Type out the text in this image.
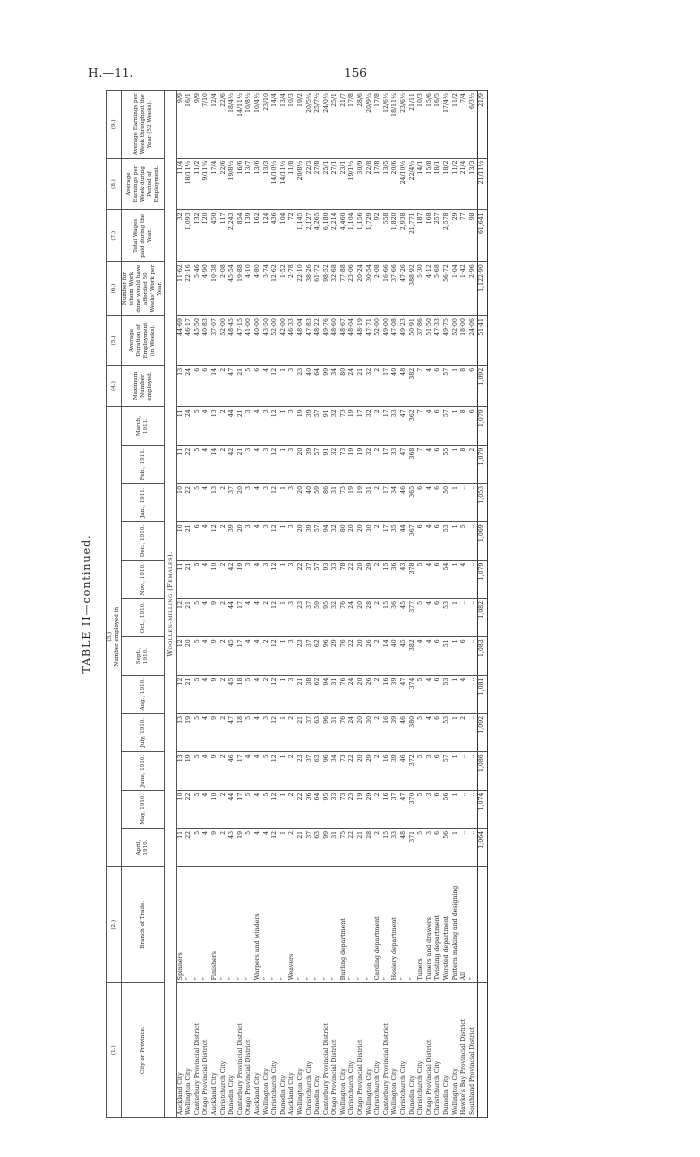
H.—11.	156
TABLE II—continued.
(1.)	(2.)	(3.)
Number employed in												(4.)	(5.)	(6.)	(7.)	(8.)	(9.)
City or Province.	Branch of Trade.	April, 1910.	May, 1910.	June, 1910.	July, 1910.	Aug., 1910.	Sept., 1910.	Oct., 1910.	Nov., 1910.	Dec., 1910.	Jan., 1911.	Feb., 1911.	March, 1911.	Maximum Number employed.	Average Duration of Employment (in Weeks).	Number for whom Work done would have afforded 50 Weeks' Work per Year.	Total Wages paid during the Year.	Average Earnings per Week during Period of Employment.	Average Earnings per Week throughout the Year (52 Weeks).
Woollen-milling (Females).																			
Auckland City	Spinners	11	10	13	13	12	12	12	11	10	10	11	11	13	44·69	11·62	32	11/4	9/9
Wellington City	”	22	22	19	19	21	20	21	21	21	22	22	24	24	46·17	22·16	1,093	18/11½	16/1
Canterbury Provincial District	”	5	5	5	5	5	5	5	5	6	5	5	5	6	45·50	5·46	132	11/2	9/9
Otago Provincial District	”	4	4	4	4	4	4	4	4	4	4	4	4	6	40·83	4·90	120	9/11¾	7/10
Auckland City	Finishers	9	10	9	9	9	9	9	10	12	13	14	13	14	37·07	10·38	450	17/4	12/4
Christchurch City	”	2	2	2	2	2	2	2	2	2	2	2	2	2	52·00	2·08	117	22/6	22/6
Dunedin City	”	43	44	46	47	45	45	44	42	39	37	42	44	47	48·45	45·54	2,243	19/8½	18/4½
Canterbury Provincial District	”	19	17	17	18	18	17	17	19	20	20	21	21	21	47·15	19·88	854	16/6	14/11½
Otago Provincial District	”	5	5	4	5	5	4	4	3	3	3	3	3	5	41·00	4·10	139	13/7	10/8½
Auckland City	Warpers and winders	4	4	4	4	4	4	4	4	4	4	4	4	6	40·00	4·80	162	13/6	10/4½
Wellington City	”	4	5	5	3	2	2	2	3	3	3	3	3	4	43·50	3·74	124	13/3	23/10
Christchurch City	”	12	12	12	12	12	12	12	12	12	12	12	12	12	52·00	12·62	436	14/10½	14/4
Dunedin City	”	1	1	1	1	1	1	1	1	1	1	1	1	1	42·00	1·52	104	14/11½	13/4
Auckland City	Weavers	2	2	2	2	3	3	3	3	3	3	3	3	3	46·33	2·78	72	11/8	10/3
Wellington City	”	21	22	23	21	21	23	23	22	20	20	20	19	23	48·04	22·10	1,145	20/8½	19/2
Christchurch City	”	37	36	37	37	38	37	37	37	39	40	39	39	40	47·83	38·26	2,127	22/3	20/5¾
Dunedin City	”	63	64	63	63	62	62	59	57	57	59	57	57	64	48·22	61·72	4,265	27/8	25/7½
Canterbury Provincial District	”	99	95	96	96	94	96	95	93	94	86	91	91	99	49·76	98·52	6,180	25/1	24/0½
Otago Provincial District	”	31	33	34	31	31	29	32	33	32	31	32	32	34	48·60	32·68	2,214	27/1	25/1
Wellington City	Burling department	75	73	73	76	76	76	76	78	80	73	73	73	80	48·67	77·88	4,460	23/1	21/7
Christchurch City	”	22	23	22	24	24	22	24	22	20	19	19	19	24	48·04	23·06	1,104	19/1½	17/8
Otago Provincial District	”	21	19	20	20	20	20	20	20	20	19	19	17	21	48·19	20·24	1,156	30/9	28/6
Wellington City	”	28	29	29	30	26	26	28	29	30	31	32	32	32	47·71	30·54	1,729	22/8	20/9¾
Christchurch City	Carding department	2	2	2	2	2	2	2	2	2	2	2	2	2	52·00	2·08	92	17/8	17/8
Canterbury Provincial District	”	15	16	16	16	16	14	15	15	17	17	17	17	17	49·00	16·66	558	13/5	12/6½
Wellington City	Hosiery department	33	37	39	39	39	40	36	36	35	34	33	33	40	47·08	37·66	1,820	20/6	18/11¼
Christchurch City	”	48	47	46	46	47	45	45	43	44	46	47	47	48	49·23	47·26	2,938	24/10½	23/6½
Dunedin City	”	371	370	372	380	374	382	377	378	367	365	368	362	382	50·91	388·92	21,771	22/4½	21/11
Christchurch City	Tuners	5	5	5	5	5	4	5	5	6	6	7	7	7	37·86	5·30	187	14/1	10/3
Otago Provincial District	Tuners and drawers	3	3	3	4	4	4	4	4	4	4	4	4	4	51·50	4·12	168	15/8	15/6
Christchurch City	Twisting department	6	6	6	6	6	6	6	6	6	6	6	6	6	47·33	5·68	257	18/1	16/5
Dunedin City	Worsted department	56	56	57	53	53	51	53	54	53	50	55	57	57	49·75	56·72	2,578	18/2	17/4½
Wellington City	Pattern making and designing	1	1	1	1	1	1	1	1	1	1	1	1	1	52·00	1·04	29	11/2	11/2
Hawke's Bay Provincial District	All	..	..	..	2	4	6	..	4	5	..	8	8	8	18·00	1·42	77	21/4	7/4
Southland Provincial District	”	..	..	..	..	..	..	..	..	..	..	2	6	6	24·06	2·96	98	13/3	6/3½
		1,064	1,074	1,086	1,092	1,081	1,083	1,082	1,079	1,069	1,053	1,079	1,079	1,092	51·41	1,122·90	61,641	21/11½	21/9
